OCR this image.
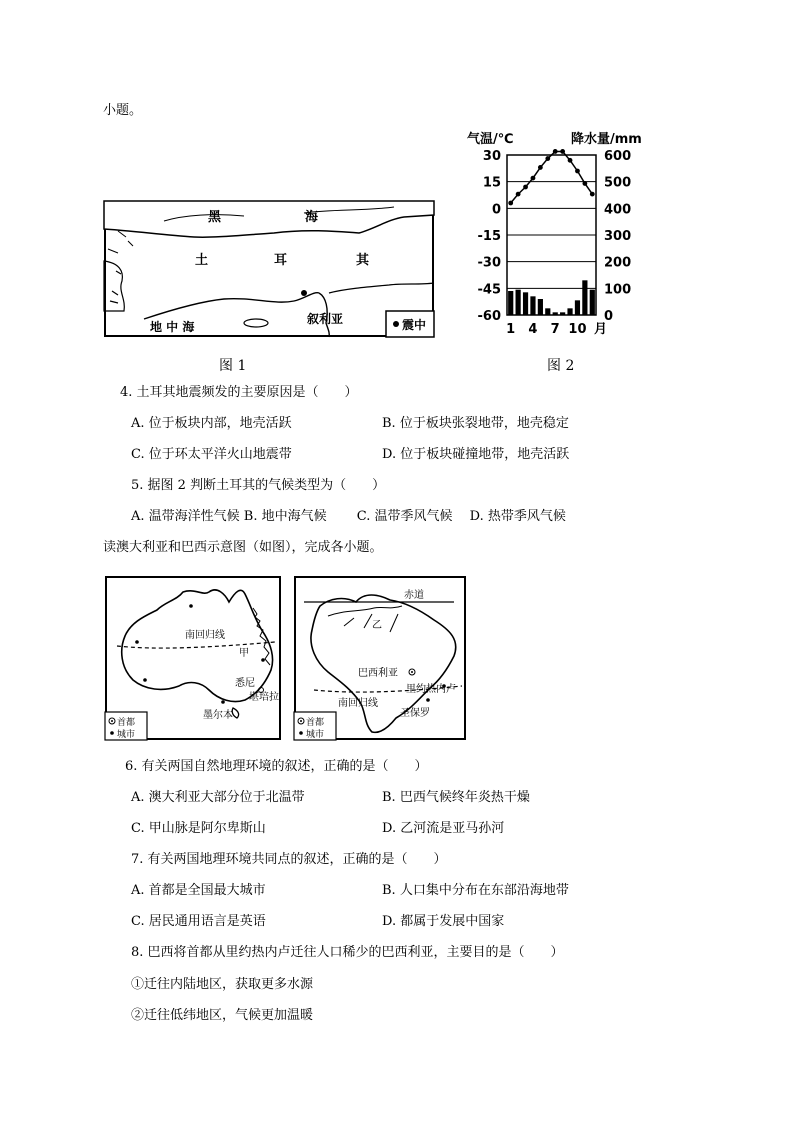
小题。
黑	海
土	耳	其
地 中 海
叙利亚	震中
图 1
气温/℃	降水量/mm
30	600
15	500
0	400
-15	300
-30	200
-45	100
-60	0
1 4 7 10 月
图 2
4. 土耳其地震频发的主要原因是（　　）
A. 位于板块内部，地壳活跃	B. 位于板块张裂地带，地壳稳定
C. 位于环太平洋火山地震带	D. 位于板块碰撞地带，地壳活跃
5. 据图 2 判断土耳其的气候类型为（　　）
A. 温带海洋性气候 B. 地中海气候　　 C. 温带季风气候　 D. 热带季风气候
读澳大利亚和巴西示意图（如图），完成各小题。
南回归线
甲
悉尼
堪培拉
墨尔本
首都
城市
赤道
乙
巴西利亚
里约热内卢
南回归线
圣保罗
首都
城市
6. 有关两国自然地理环境的叙述，正确的是（　　）
A. 澳大利亚大部分位于北温带	B. 巴西气候终年炎热干燥
C. 甲山脉是阿尔卑斯山	D. 乙河流是亚马孙河
7. 有关两国地理环境共同点的叙述，正确的是（　　）
A. 首都是全国最大城市	B. 人口集中分布在东部沿海地带
C. 居民通用语言是英语	D. 都属于发展中国家
8. 巴西将首都从里约热内卢迁往人口稀少的巴西利亚，主要目的是（　　）
①迁往内陆地区，获取更多水源
②迁往低纬地区，气候更加温暖
